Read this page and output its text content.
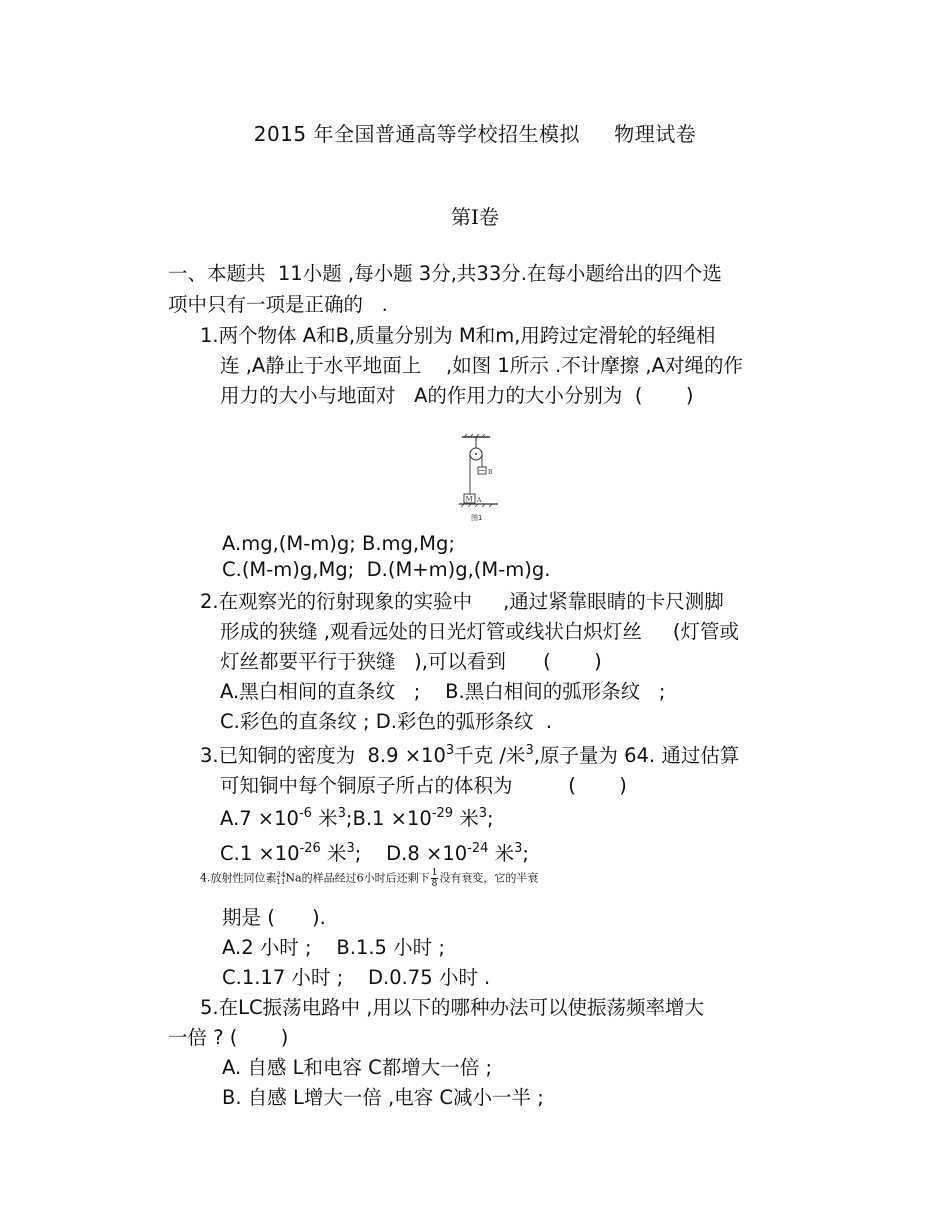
2015 年全国普通高等学校招生模拟     物理试卷
第Ⅰ卷
一、本题共  11小题 ,每小题 3分,共33分.在每小题给出的四个选
项中只有一项是正确的   .
1.两个物体 A和B,质量分别为 M和m,用跨过定滑轮的轻绳相
连 ,A静止于水平地面上    ,如图 1所示 .不计摩擦 ,A对绳的作
用力的大小与地面对   A的作用力的大小分别为  (       )
B
M A
图1
A.mg,(M-m)g; B.mg,Mg;
C.(M-m)g,Mg;  D.(M+m)g,(M-m)g.
2.在观察光的衍射现象的实验中     ,通过紧靠眼睛的卡尺测脚
形成的狭缝 ,观看远处的日光灯管或线状白炽灯丝     (灯管或
灯丝都要平行于狭缝   ),可以看到      (       )
A.黑白相间的直条纹   ;    B.黑白相间的弧形条纹   ;
C.彩色的直条纹 ; D.彩色的弧形条纹  .
3.已知铜的密度为  $8.9 \times 10^3$千克 /米$^3$,原子量为 64. 通过估算
可知铜中每个铜原子所占的体积为         (       )
$A.7 \times 10^{-6}$ 米$^3$;B.1 $\times 10^{-29}$ 米$^3$;
$C.1 \times 10^{-26}$ 米$^3$;    $D.8 \times 10^{-24}$ 米$^3$;
4.放射性同位素 24
11 Na的样品经过6小时后还剩下 $\frac{1}{8}$ 没有衰变，它的半衰
期是 (      ).
A.2 小时 ;    B.1.5 小时 ;
C.1.17 小时 ;    D.0.75 小时 .
5.在LC振荡电路中 ,用以下的哪种办法可以使振荡频率增大
一倍 ? (       )
A. 自感 L和电容 C都增大一倍 ;
B. 自感 L增大一倍 ,电容 C减小一半 ;
